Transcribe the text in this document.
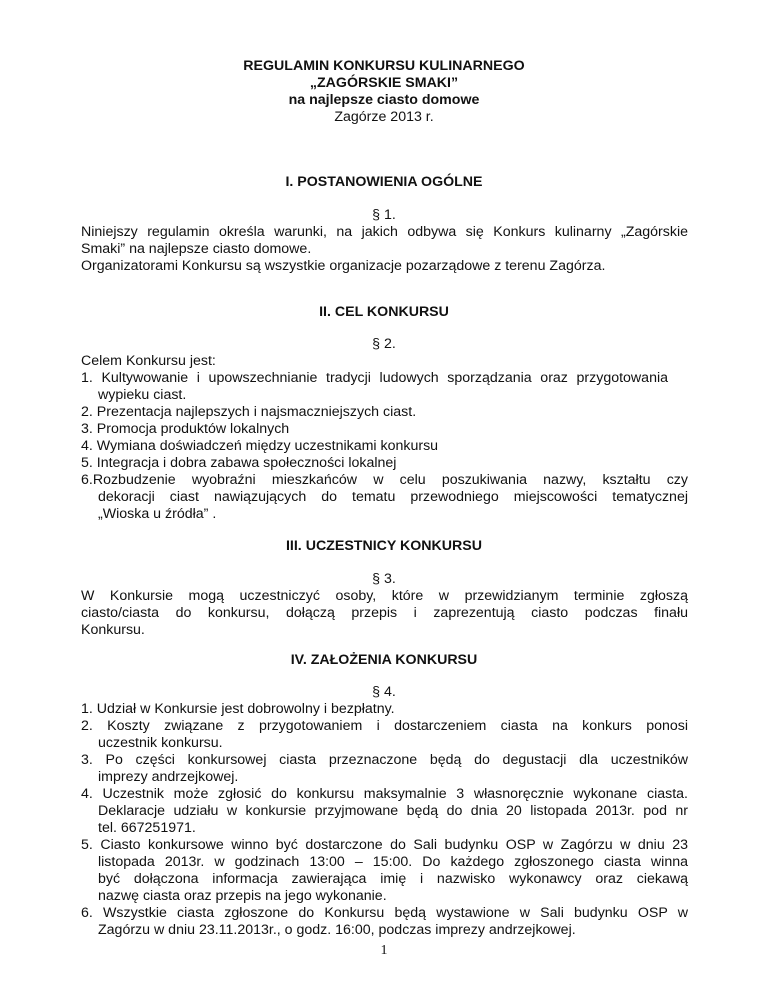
REGULAMIN KONKURSU KULINARNEGO
„ZAGÓRSKIE SMAKI”
na najlepsze ciasto domowe
Zagórze 2013 r.
I. POSTANOWIENIA OGÓLNE
§ 1.
Niniejszy regulamin określa warunki, na jakich odbywa się Konkurs kulinarny „Zagórskie
Smaki” na najlepsze ciasto domowe.
Organizatorami Konkursu są wszystkie organizacje pozarządowe z terenu Zagórza.
II. CEL KONKURSU
§ 2.
Celem Konkursu jest:
1. Kultywowanie i upowszechnianie tradycji ludowych sporządzania oraz przygotowania
wypieku ciast.
2. Prezentacja najlepszych i najsmaczniejszych ciast.
3. Promocja produktów lokalnych
4. Wymiana doświadczeń między uczestnikami konkursu
5. Integracja i dobra zabawa społeczności lokalnej
6.Rozbudzenie wyobraźni mieszkańców w celu poszukiwania nazwy, kształtu czy
dekoracji ciast nawiązujących do tematu przewodniego miejscowości tematycznej
„Wioska u źródła” .
III. UCZESTNICY KONKURSU
§ 3.
W Konkursie mogą uczestniczyć osoby, które w przewidzianym terminie zgłoszą
ciasto/ciasta do konkursu, dołączą przepis i zaprezentują ciasto podczas finału
Konkursu.
IV. ZAŁOŻENIA KONKURSU
§ 4.
1. Udział w Konkursie jest dobrowolny i bezpłatny.
2. Koszty związane z przygotowaniem i dostarczeniem ciasta na konkurs ponosi
uczestnik konkursu.
3. Po części konkursowej ciasta przeznaczone będą do degustacji dla uczestników
imprezy andrzejkowej.
4. Uczestnik może zgłosić do konkursu maksymalnie 3 własnoręcznie wykonane ciasta.
Deklaracje udziału w konkursie przyjmowane będą do dnia 20 listopada 2013r. pod nr
tel. 667251971.
5. Ciasto konkursowe winno być dostarczone do Sali budynku OSP w Zagórzu w dniu 23
listopada 2013r. w godzinach 13:00 – 15:00. Do każdego zgłoszonego ciasta winna
być dołączona informacja zawierająca imię i nazwisko wykonawcy oraz ciekawą
nazwę ciasta oraz przepis na jego wykonanie.
6. Wszystkie ciasta zgłoszone do Konkursu będą wystawione w Sali budynku OSP w
Zagórzu w dniu 23.11.2013r., o godz. 16:00, podczas imprezy andrzejkowej.
1
